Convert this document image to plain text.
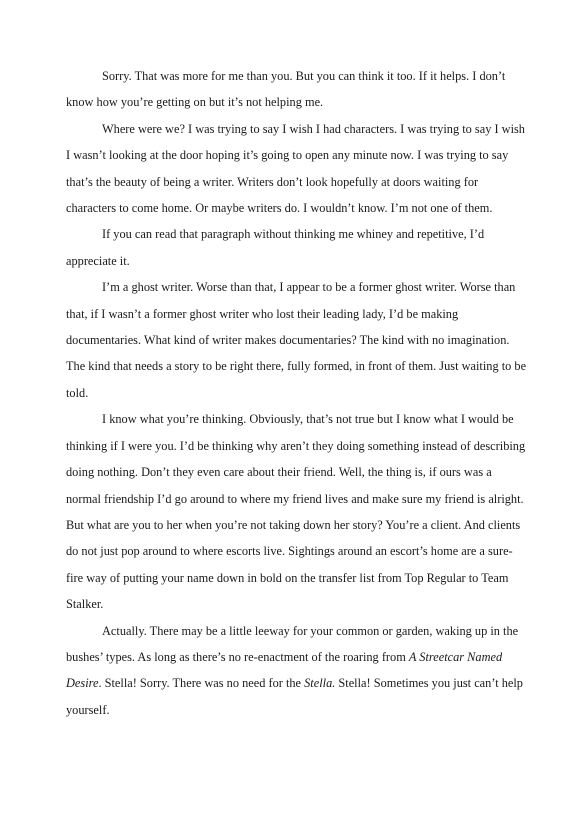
Sorry. That was more for me than you. But you can think it too. If it helps. I don’t
know how you’re getting on but it’s not helping me.

Where were we? I was trying to say I wish I had characters. I was trying to say I wish
I wasn’t looking at the door hoping it’s going to open any minute now. I was trying to say
that’s the beauty of being a writer. Writers don’t look hopefully at doors waiting for
characters to come home. Or maybe writers do. I wouldn’t know. I’m not one of them.

If you can read that paragraph without thinking me whiney and repetitive, I’d
appreciate it.

I’m a ghost writer. Worse than that, I appear to be a former ghost writer. Worse than
that, if I wasn’t a former ghost writer who lost their leading lady, I’d be making
documentaries. What kind of writer makes documentaries? The kind with no imagination.
The kind that needs a story to be right there, fully formed, in front of them. Just waiting to be
told.

I know what you’re thinking. Obviously, that’s not true but I know what I would be
thinking if I were you. I’d be thinking why aren’t they doing something instead of describing
doing nothing. Don’t they even care about their friend. Well, the thing is, if ours was a
normal friendship I’d go around to where my friend lives and make sure my friend is alright.
But what are you to her when you’re not taking down her story? You’re a client. And clients
do not just pop around to where escorts live. Sightings around an escort’s home are a sure-
fire way of putting your name down in bold on the transfer list from Top Regular to Team
Stalker.

Actually. There may be a little leeway for your common or garden, waking up in the
bushes’ types. As long as there’s no re-enactment of the roaring from A Streetcar Named
Desire. Stella! Sorry. There was no need for the Stella. Stella! Sometimes you just can’t help
yourself.
